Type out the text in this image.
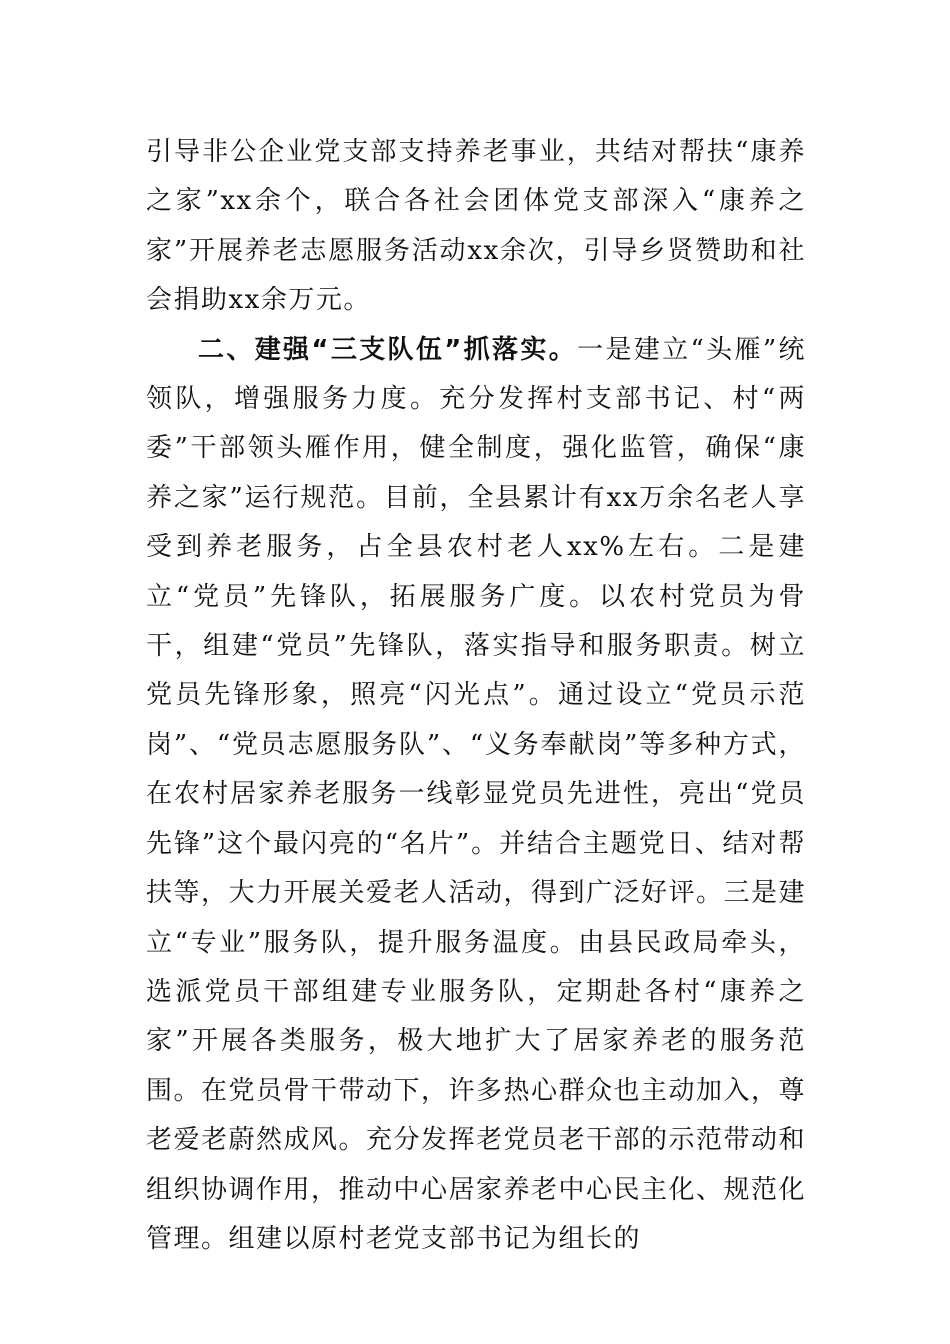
引导非公企业党支部支持养老事业，共结对帮扶“康养之家”xx余个，联合各社会团体党支部深入“康养之家”开展养老志愿服务活动xx余次，引导乡贤赞助和社会捐助xx余万元。

二、建强“三支队伍”抓落实。一是建立“头雁”统领队，增强服务力度。充分发挥村支部书记、村“两委”干部领头雁作用，健全制度，强化监管，确保“康养之家”运行规范。目前，全县累计有xx万余名老人享受到养老服务，占全县农村老人xx%左右。二是建立“党员”先锋队，拓展服务广度。以农村党员为骨干，组建“党员”先锋队，落实指导和服务职责。树立党员先锋形象，照亮“闪光点”。通过设立“党员示范岗”、“党员志愿服务队”、“义务奉献岗”等多种方式，在农村居家养老服务一线彰显党员先进性，亮出“党员先锋”这个最闪亮的“名片”。并结合主题党日、结对帮扶等，大力开展关爱老人活动，得到广泛好评。三是建立“专业”服务队，提升服务温度。由县民政局牵头，选派党员干部组建专业服务队，定期赴各村“康养之家”开展各类服务，极大地扩大了居家养老的服务范围。在党员骨干带动下，许多热心群众也主动加入，尊老爱老蔚然成风。充分发挥老党员老干部的示范带动和组织协调作用，推动中心居家养老中心民主化、规范化管理。组建以原村老党支部书记为组长的
